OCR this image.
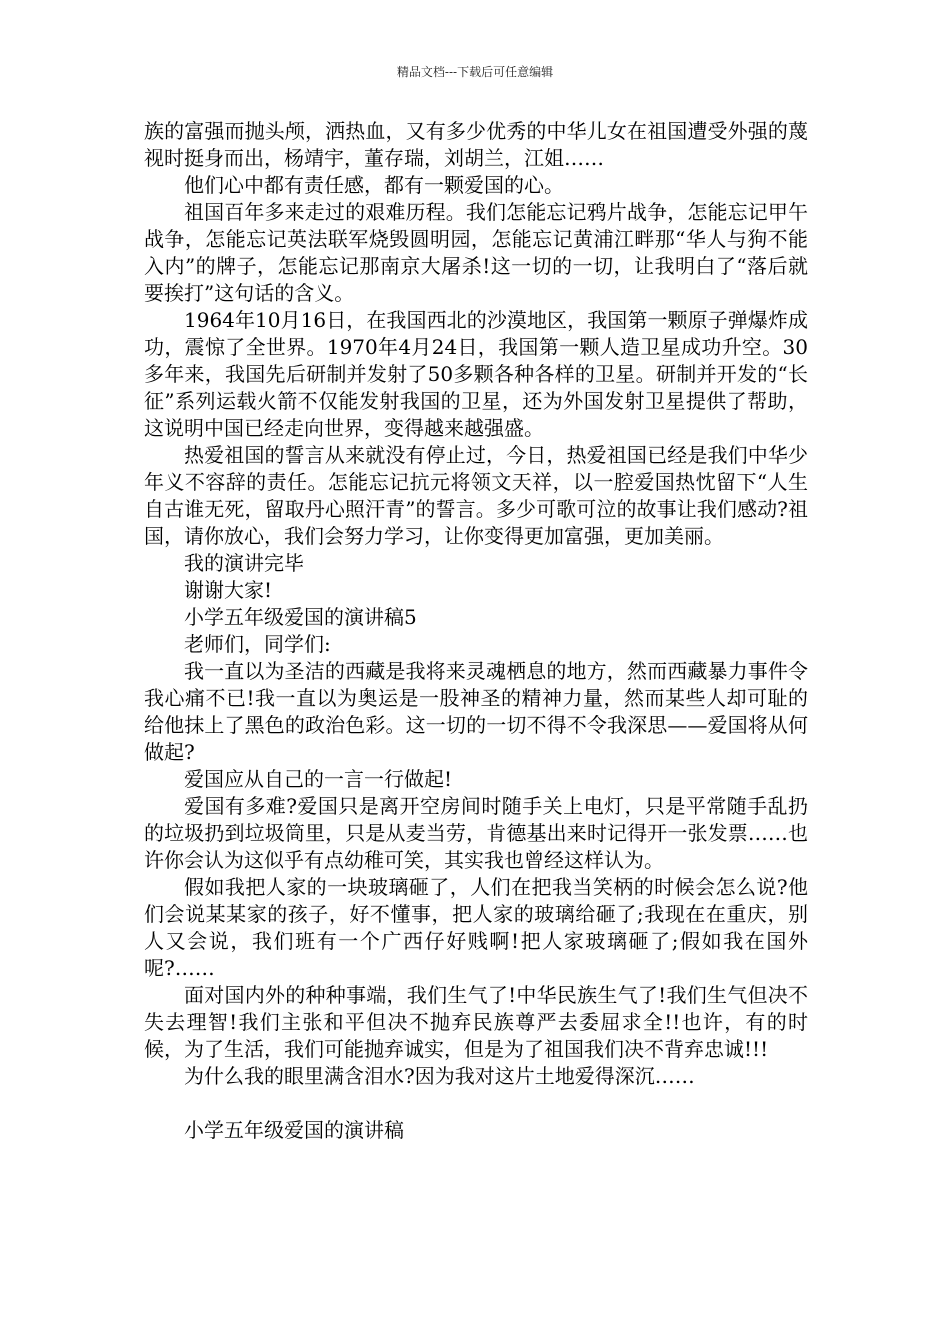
精品文档---下载后可任意编辑

族的富强而抛头颅，洒热血，又有多少优秀的中华儿女在祖国遭受外强的蔑视时挺身而出，杨靖宇，董存瑞，刘胡兰，江姐……

他们心中都有责任感，都有一颗爱国的心。

祖国百年多来走过的艰难历程。我们怎能忘记鸦片战争，怎能忘记甲午战争，怎能忘记英法联军烧毁圆明园，怎能忘记黄浦江畔那“华人与狗不能入内”的牌子，怎能忘记那南京大屠杀!这一切的一切，让我明白了“落后就要挨打”这句话的含义。

1964年10月16日，在我国西北的沙漠地区，我国第一颗原子弹爆炸成功，震惊了全世界。1970年4月24日，我国第一颗人造卫星成功升空。30多年来，我国先后研制并发射了50多颗各种各样的卫星。研制并开发的“长征”系列运载火箭不仅能发射我国的卫星，还为外国发射卫星提供了帮助，这说明中国已经走向世界，变得越来越强盛。

热爱祖国的誓言从来就没有停止过，今日，热爱祖国已经是我们中华少年义不容辞的责任。怎能忘记抗元将领文天祥，以一腔爱国热忱留下“人生自古谁无死，留取丹心照汗青”的誓言。多少可歌可泣的故事让我们感动?祖国，请你放心，我们会努力学习，让你变得更加富强，更加美丽。

我的演讲完毕

谢谢大家!

小学五年级爱国的演讲稿5

老师们，同学们:

我一直以为圣洁的西藏是我将来灵魂栖息的地方，然而西藏暴力事件令我心痛不已!我一直以为奥运是一股神圣的精神力量，然而某些人却可耻的给他抹上了黑色的政治色彩。这一切的一切不得不令我深思——爱国将从何做起?

爱国应从自己的一言一行做起!

爱国有多难?爱国只是离开空房间时随手关上电灯，只是平常随手乱扔的垃圾扔到垃圾筒里，只是从麦当劳，肯德基出来时记得开一张发票……也许你会认为这似乎有点幼稚可笑，其实我也曾经这样认为。

假如我把人家的一块玻璃砸了，人们在把我当笑柄的时候会怎么说?他们会说某某家的孩子，好不懂事，把人家的玻璃给砸了;我现在在重庆，别人又会说，我们班有一个广西仔好贱啊!把人家玻璃砸了;假如我在国外呢?……

面对国内外的种种事端，我们生气了!中华民族生气了!我们生气但决不失去理智!我们主张和平但决不抛弃民族尊严去委屈求全!!也许，有的时候，为了生活，我们可能抛弃诚实，但是为了祖国我们决不背弃忠诚!!!

为什么我的眼里满含泪水?因为我对这片土地爱得深沉……

小学五年级爱国的演讲稿
